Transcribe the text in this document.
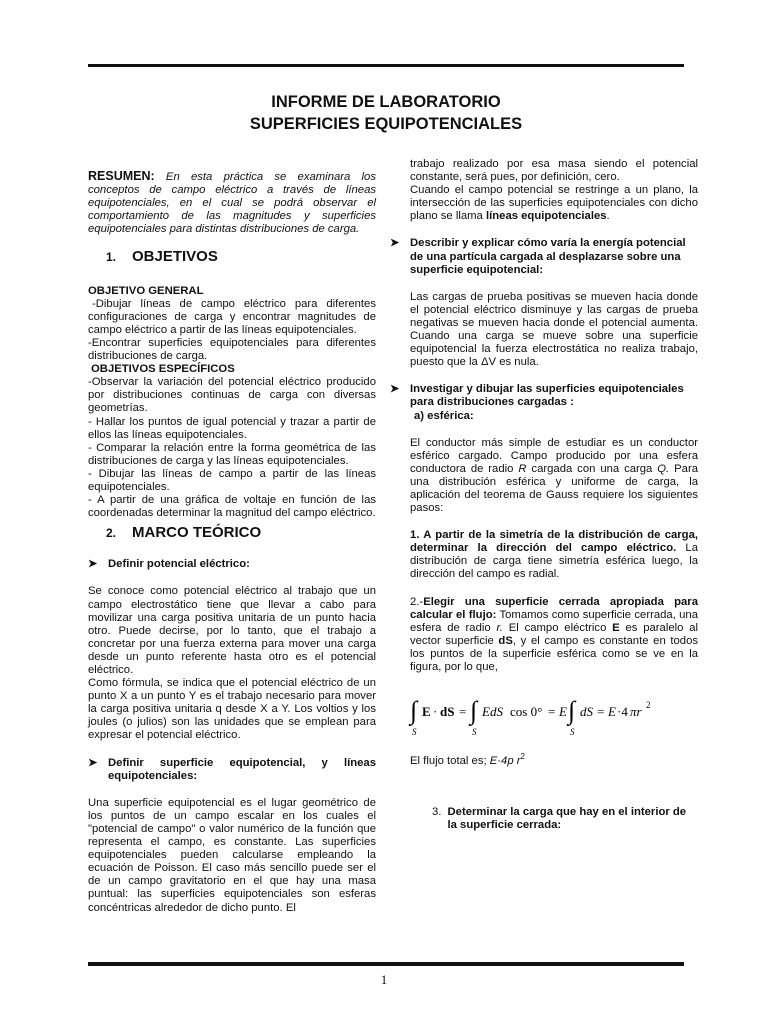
INFORME DE LABORATORIO
SUPERFICIES EQUIPOTENCIALES

RESUMEN: En esta práctica se examinara los conceptos de campo eléctrico a través de líneas equipotenciales, en el cual se podrá observar el comportamiento de las magnitudes y superficies equipotenciales para distintas distribuciones de carga.

1.	OBJETIVOS

OBJETIVO GENERAL

-Dibujar líneas de campo eléctrico para diferentes configuraciones de carga y encontrar magnitudes de campo eléctrico a partir de las líneas equipotenciales.

-Encontrar superficies equipotenciales para diferentes distribuciones de carga.

OBJETIVOS ESPECÍFICOS

-Observar la variación del potencial eléctrico producido por distribuciones continuas de carga con diversas geometrías.

- Hallar los puntos de igual potencial y trazar a partir de ellos las líneas equipotenciales.

- Comparar la relación entre la forma geométrica de las distribuciones de carga y las líneas equipotenciales.

- Dibujar las líneas de campo a partir de las líneas equipotenciales.

- A partir de una gráfica de voltaje en función de las coordenadas determinar la magnitud del campo eléctrico.

2.	MARCO TEÓRICO
➤ Definir potencial eléctrico:

Se conoce como potencial eléctrico al trabajo que un campo electrostático tiene que llevar a cabo para movilizar una carga positiva unitaria de un punto hacia otro. Puede decirse, por lo tanto, que el trabajo a concretar por una fuerza externa para mover una carga desde un punto referente hasta otro es el potencial eléctrico.

Como fórmula, se indica que el potencial eléctrico de un punto X a un punto Y es el trabajo necesario para mover la carga positiva unitaria q desde X a Y. Los voltios y los joules (o julios) son las unidades que se emplean para expresar el potencial eléctrico.

➤ Definir superficie equipotencial, y líneas equipotenciales:

Una superficie equipotencial es el lugar geométrico de los puntos de un campo escalar en los cuales el "potencial de campo" o valor numérico de la función que representa el campo, es constante. Las superficies equipotenciales pueden calcularse empleando la ecuación de Poisson. El caso más sencillo puede ser el de un campo gravitatorio en el que hay una masa puntual: las superficies equipotenciales son esferas concéntricas alrededor de dicho punto. El

trabajo realizado por esa masa siendo el potencial constante, será pues, por definición, cero.

Cuando el campo potencial se restringe a un plano, la intersección de las superficies equipotenciales con dicho plano se llama líneas equipotenciales.

➤ Describir y explicar cómo varía la energía potencial de una partícula cargada al desplazarse sobre una superficie equipotencial:

Las cargas de prueba positivas se mueven hacia donde el potencial eléctrico disminuye y las cargas de prueba negativas se mueven hacia donde el potencial aumenta. Cuando una carga se mueve sobre una superficie equipotencial la fuerza electrostática no realiza trabajo, puesto que la ΔV es nula.

➤ Investigar y dibujar las superficies equipotenciales para distribuciones cargadas :

a) esférica:

El conductor más simple de estudiar es un conductor esférico cargado. Campo producido por una esfera conductora de radio R cargada con una carga Q. Para una distribución esférica y uniforme de carga, la aplicación del teorema de Gauss requiere los siguientes pasos:

1. A partir de la simetría de la distribución de carga, determinar la dirección del campo eléctrico. La distribución de carga tiene simetría esférica luego, la dirección del campo es radial.

2.-Elegir una superficie cerrada apropiada para calcular el flujo: Tomamos como superficie cerrada, una esfera de radio r. El campo eléctrico E es paralelo al vector superficie dS, y el campo es constante en todos los puntos de la superficie esférica como se ve en la figura, por lo que,

∫
S
E · dS = ∫
S
EdS cos 0° = E ∫
S
dS = E ·4 πr 2

El flujo total es; E·4p $r^2$

3. Determinar la carga que hay en el interior de la superficie cerrada:
1
